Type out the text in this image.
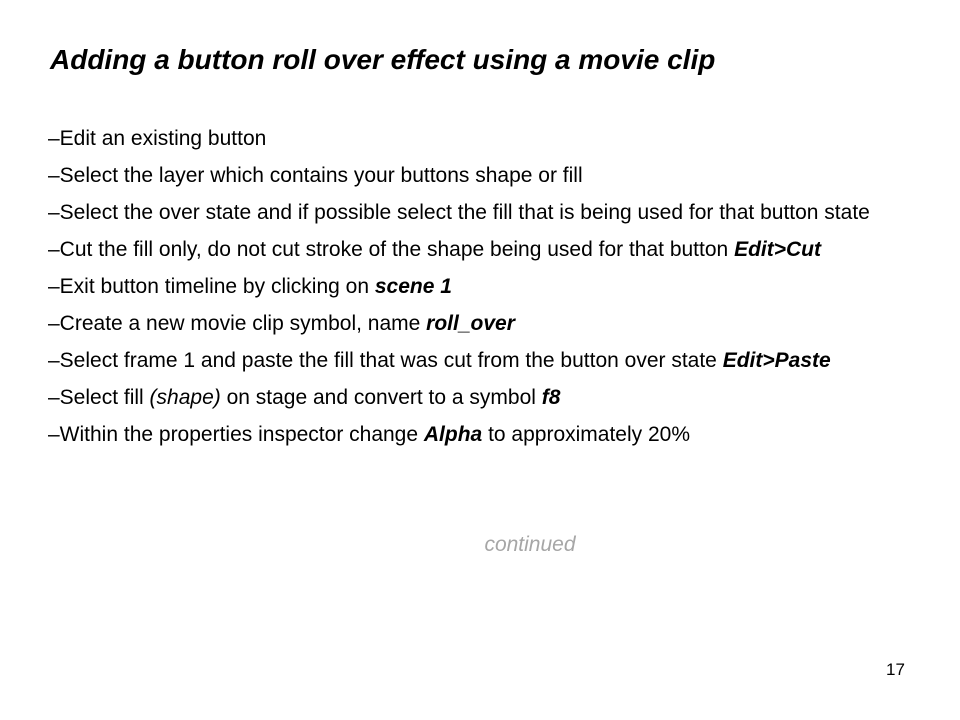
Adding a button roll over effect using a movie clip
–Edit an existing button
–Select the layer which contains your buttons shape or fill
–Select the over state and if possible select the fill that is being used for that button state
–Cut the fill only, do not cut stroke of the shape being used for that button Edit>Cut
–Exit button timeline by clicking on scene 1
–Create a new movie clip symbol, name roll_over
–Select frame 1 and paste the fill that was cut from the button over state Edit>Paste
–Select fill (shape) on stage and convert to a symbol f8
–Within the properties inspector change Alpha to approximately 20%
continued
17
